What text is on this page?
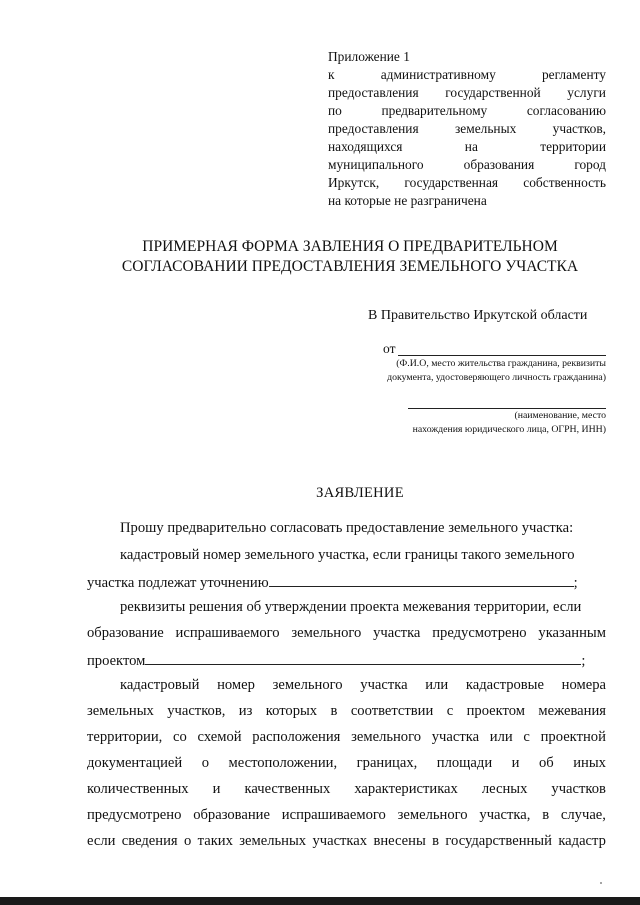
Приложение 1
к	административному	регламенту
предоставления государственной услуги
по	предварительному	согласованию
предоставления	земельных	участков,
находящихся	на	территории
муниципального	образования	город
Иркутск, государственная собственность
на которые не разграничена
ПРИМЕРНАЯ ФОРМА ЗАВЛЕНИЯ О ПРЕДВАРИТЕЛЬНОМ
СОГЛАСОВАНИИ ПРЕДОСТАВЛЕНИЯ ЗЕМЕЛЬНОГО УЧАСТКА
В Правительство Иркутской области
от
(Ф.И.О, место жительства гражданина, реквизиты
документа, удостоверяющего личность гражданина)
(наименование, место
нахождения юридического лица, ОГРН, ИНН)
ЗАЯВЛЕНИЕ
Прошу предварительно согласовать предоставление земельного участка:
кадастровый номер земельного участка, если границы такого земельного
участка подлежат уточнению	;
реквизиты решения об утверждении проекта межевания территории, если
образование испрашиваемого земельного участка предусмотрено указанным
проектом	;
кадастровый номер земельного участка или кадастровые номера
земельных участков, из которых в соответствии с проектом межевания
территории, со схемой расположения земельного участка или с проектной
документацией о местоположении, границах, площади и об иных
количественных и качественных характеристиках лесных участков
предусмотрено образование испрашиваемого земельного участка, в случае,
если сведения о таких земельных участках внесены в государственный кадастр
